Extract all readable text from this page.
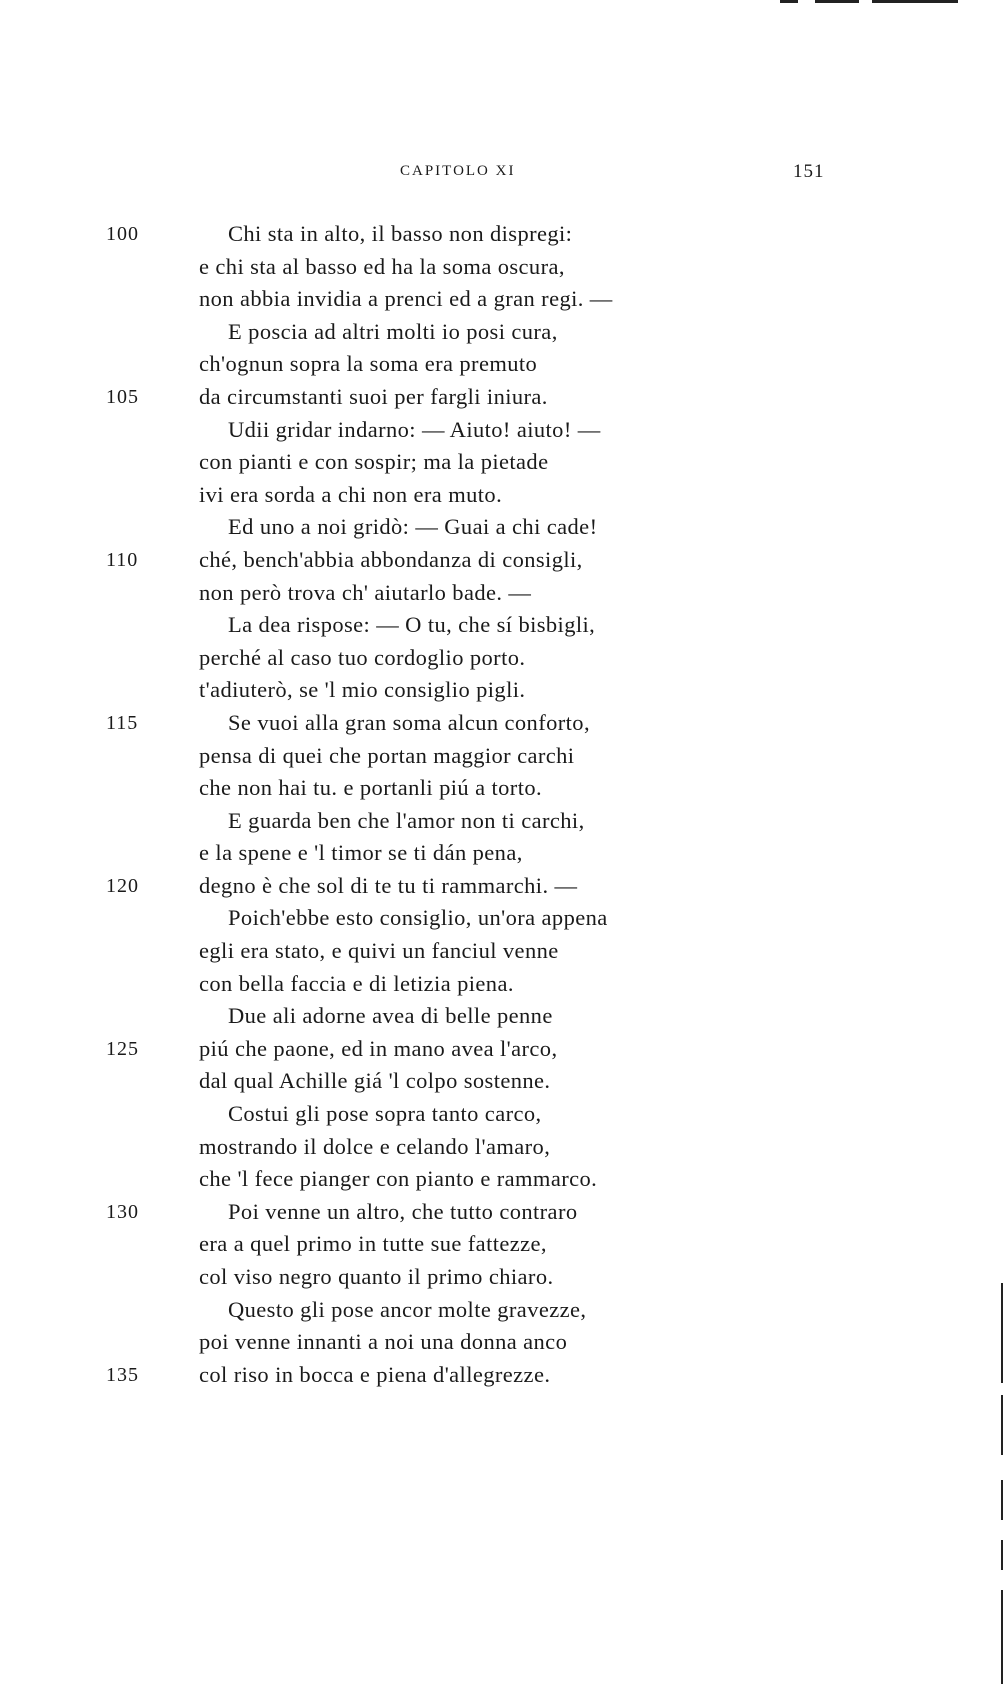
CAPITOLO XI	151
100	Chi sta in alto, il basso non dispregi:
e chi sta al basso ed ha la soma oscura,
non abbia invidia a prenci ed a gran regi. —
E poscia ad altri molti io posi cura,
ch'ognun sopra la soma era premuto
105	da circumstanti suoi per fargli iniura.
Udii gridar indarno: — Aiuto! aiuto! —
con pianti e con sospir; ma la pietade
ivi era sorda a chi non era muto.
Ed uno a noi gridò: — Guai a chi cade!
110	ché, bench'abbia abbondanza di consigli,
non però trova ch' aiutarlo bade. —
La dea rispose: — O tu, che sí bisbigli,
perché al caso tuo cordoglio porto.
t'adiuterò, se 'l mio consiglio pigli.
115	Se vuoi alla gran soma alcun conforto,
pensa di quei che portan maggior carchi
che non hai tu. e portanli piú a torto.
E guarda ben che l'amor non ti carchi,
e la spene e 'l timor se ti dán pena,
120	degno è che sol di te tu ti rammarchi. —
Poich'ebbe esto consiglio, un'ora appena
egli era stato, e quivi un fanciul venne
con bella faccia e di letizia piena.
Due ali adorne avea di belle penne
125	piú che paone, ed in mano avea l'arco,
dal qual Achille giá 'l colpo sostenne.
Costui gli pose sopra tanto carco,
mostrando il dolce e celando l'amaro,
che 'l fece pianger con pianto e rammarco.
130	Poi venne un altro, che tutto contraro
era a quel primo in tutte sue fattezze,
col viso negro quanto il primo chiaro.
Questo gli pose ancor molte gravezze,
poi venne innanti a noi una donna anco
135	col riso in bocca e piena d'allegrezze.
